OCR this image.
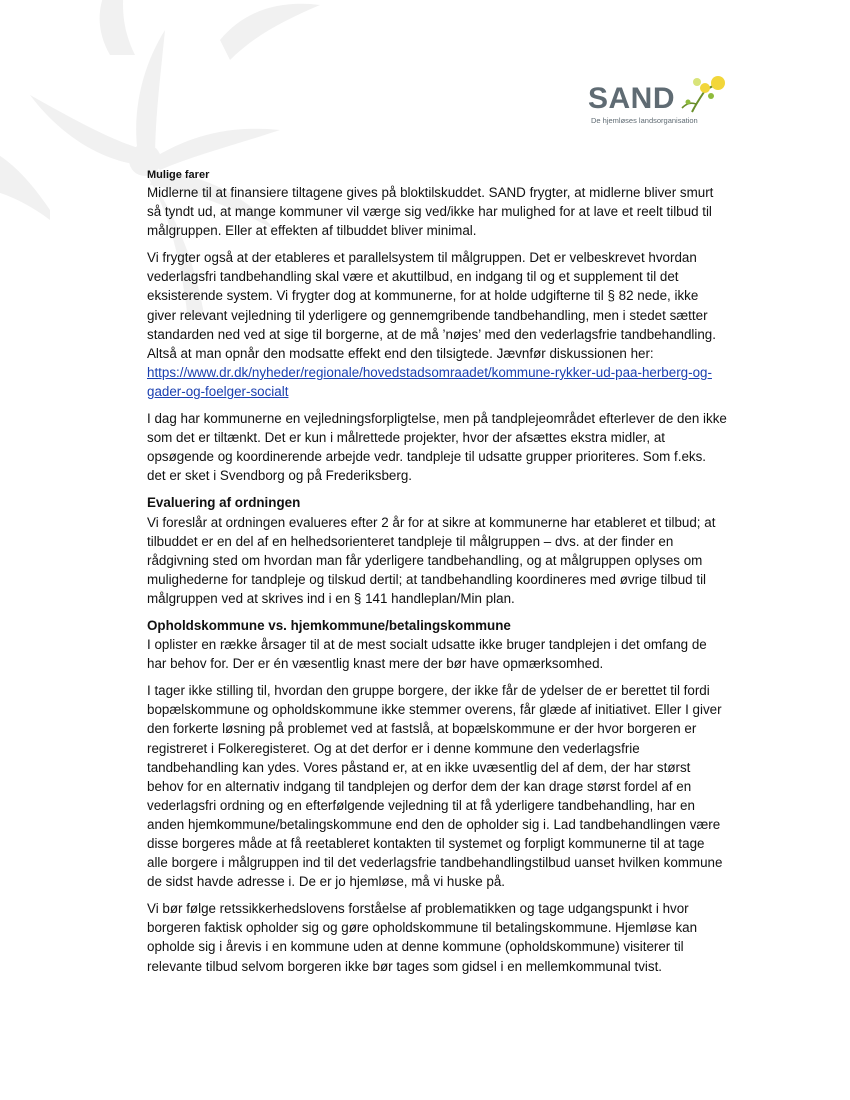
SAND
De hjemløses landsorganisation
Mulige farer

Midlerne til at finansiere tiltagene gives på bloktilskuddet. SAND frygter, at midlerne bliver smurt så tyndt ud, at mange kommuner vil værge sig ved/ikke har mulighed for at lave et reelt tilbud til målgruppen. Eller at effekten af tilbuddet bliver minimal.

Vi frygter også at der etableres et parallelsystem til målgruppen. Det er velbeskrevet hvordan vederlagsfri tandbehandling skal være et akuttilbud, en indgang til og et supplement til det eksisterende system. Vi frygter dog at kommunerne, for at holde udgifterne til § 82 nede, ikke giver relevant vejledning til yderligere og gennemgribende tandbehandling, men i stedet sætter standarden ned ved at sige til borgerne, at de må ’nøjes’ med den vederlagsfrie tandbehandling. Altså at man opnår den modsatte effekt end den tilsigtede. Jævnfør diskussionen her: https://www.dr.dk/nyheder/regionale/hovedstadsomraadet/kommune-rykker-ud-paa-herberg-og-gader-og-foelger-socialt

I dag har kommunerne en vejledningsforpligtelse, men på tandplejeområdet efterlever de den ikke som det er tiltænkt. Det er kun i målrettede projekter, hvor der afsættes ekstra midler, at opsøgende og koordinerende arbejde vedr. tandpleje til udsatte grupper prioriteres. Som f.eks. det er sket i Svendborg og på Frederiksberg.

Evaluering af ordningen

Vi foreslår at ordningen evalueres efter 2 år for at sikre at kommunerne har etableret et tilbud; at tilbuddet er en del af en helhedsorienteret tandpleje til målgruppen – dvs. at der finder en rådgivning sted om hvordan man får yderligere tandbehandling, og at målgruppen oplyses om mulighederne for tandpleje og tilskud dertil; at tandbehandling koordineres med øvrige tilbud til målgruppen ved at skrives ind i en § 141 handleplan/Min plan.

Opholdskommune vs. hjemkommune/betalingskommune

I oplister en række årsager til at de mest socialt udsatte ikke bruger tandplejen i det omfang de har behov for. Der er én væsentlig knast mere der bør have opmærksomhed.

I tager ikke stilling til, hvordan den gruppe borgere, der ikke får de ydelser de er berettet til fordi bopælskommune og opholdskommune ikke stemmer overens, får glæde af initiativet. Eller I giver den forkerte løsning på problemet ved at fastslå, at bopælskommune er der hvor borgeren er registreret i Folkeregisteret. Og at det derfor er i denne kommune den vederlagsfrie tandbehandling kan ydes. Vores påstand er, at en ikke uvæsentlig del af dem, der har størst behov for en alternativ indgang til tandplejen og derfor dem der kan drage størst fordel af en vederlagsfri ordning og en efterfølgende vejledning til at få yderligere tandbehandling, har en anden hjemkommune/betalingskommune end den de opholder sig i. Lad tandbehandlingen være disse borgeres måde at få reetableret kontakten til systemet og forpligt kommunerne til at tage alle borgere i målgruppen ind til det vederlagsfrie tandbehandlingstilbud uanset hvilken kommune de sidst havde adresse i. De er jo hjemløse, må vi huske på.

Vi bør følge retssikkerhedslovens forståelse af problematikken og tage udgangspunkt i hvor borgeren faktisk opholder sig og gøre opholdskommune til betalingskommune. Hjemløse kan opholde sig i årevis i en kommune uden at denne kommune (opholdskommune) visiterer til relevante tilbud selvom borgeren ikke bør tages som gidsel i en mellemkommunal tvist.
